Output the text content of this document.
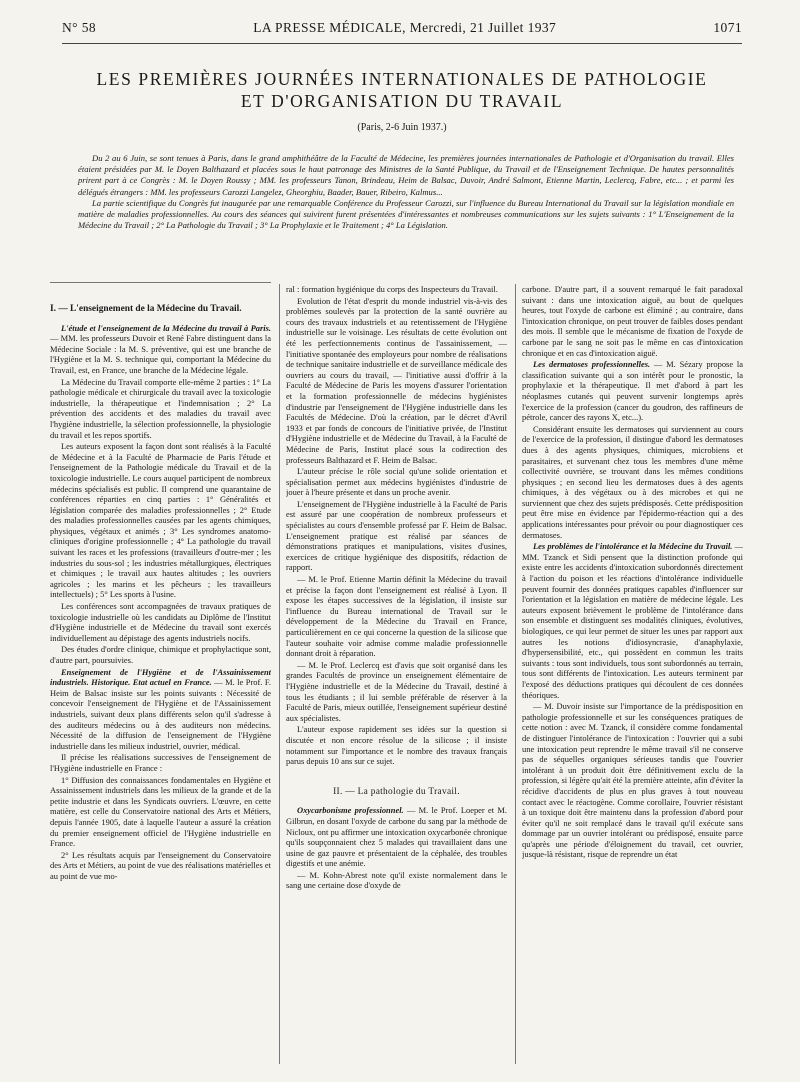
N° 58	LA PRESSE MÉDICALE, Mercredi, 21 Juillet 1937	1071
LES PREMIÈRES JOURNÉES INTERNATIONALES DE PATHOLOGIE
ET D'ORGANISATION DU TRAVAIL
(Paris, 2-6 Juin 1937.)

Du 2 au 6 Juin, se sont tenues à Paris, dans le grand amphithéâtre de la Faculté de Médecine, les premières journées internationales de Pathologie et d'Organisation du travail. Elles étaient présidées par M. le Doyen Balthazard et placées sous le haut patronage des Ministres de la Santé Publique, du Travail et de l'Enseignement Technique. De hautes personnalités prirent part à ce Congrès : M. le Doyen Roussy ; MM. les professeurs Tanon, Brindeau, Heim de Balsac, Duvoir, André Salmont, Etienne Martin, Leclercq, Fabre, etc... ; et parmi les délégués étrangers : MM. les professeurs Carozzi Langelez, Gheorghiu, Baader, Bauer, Ribeiro, Kalmus...

La partie scientifique du Congrès fut inaugurée par une remarquable Conférence du Professeur Carozzi, sur l'influence du Bureau International du Travail sur la législation mondiale en matière de maladies professionnelles. Au cours des séances qui suivirent furent présentées d'intéressantes et nombreuses communications sur les sujets suivants : 1° L'Enseignement de la Médecine du Travail ; 2° La Pathologie du Travail ; 3° La Prophylaxie et le Traitement ; 4° La Législation.

I. — L'enseignement de la Médecine du Travail.

L'étude et l'enseignement de la Médecine du travail à Paris. — MM. les professeurs Duvoir et René Fabre distinguent dans la Médecine Sociale : la M. S. préventive, qui est une branche de l'Hygiène et la M. S. technique qui, comportant la Médecine du Travail, est, en France, une branche de la Médecine légale.

La Médecine du Travail comporte elle-même 2 parties : 1° La pathologie médicale et chirurgicale du travail avec la toxicologie industrielle, la thérapeutique et l'indemnisation ; 2° La prévention des accidents et des maladies du travail avec l'hygiène industrielle, la sélection professionnelle, la physiologie du travail et les repos sportifs.

Les auteurs exposent la façon dont sont réalisés à la Faculté de Médecine et à la Faculté de Pharmacie de Paris l'étude et l'enseignement de la Pathologie médicale du Travail et de la toxicologie industrielle. Le cours auquel participent de nombreux médecins spécialisés est public. Il comprend une quarantaine de conférences réparties en cinq parties : 1° Généralités et législation comparée des maladies professionnelles ; 2° Etude des maladies professionnelles causées par les agents chimiques, physiques, végétaux et animés ; 3° Les syndromes anatomo-cliniques d'origine professionnelle ; 4° La pathologie du travail suivant les races et les professions (travailleurs d'outre-mer ; les industries du sous-sol ; les industries métallurgiques, électriques et chimiques ; le travail aux hautes altitudes ; les ouvriers agricoles ; les marins et les pêcheurs ; les travailleurs intellectuels) ; 5° Les sports à l'usine.

Les conférences sont accompagnées de travaux pratiques de toxicologie industrielle où les candidats au Diplôme de l'Institut d'Hygiène industrielle et de Médecine du travail sont exercés individuellement au dépistage des agents industriels nocifs.

Des études d'ordre clinique, chimique et prophylactique sont, d'autre part, poursuivies.

Enseignement de l'Hygiène et de l'Assainissement industriels. Historique. Etat actuel en France. — M. le Prof. F. Heim de Balsac insiste sur les points suivants : Nécessité de concevoir l'enseignement de l'Hygiène et de l'Assainissement industriels, suivant deux plans différents selon qu'il s'adresse à des auditeurs médecins ou à des auditeurs non médecins. Nécessité de la diffusion de l'enseignement de l'Hygiène industrielle dans les milieux industriel, ouvrier, médical.

Il précise les réalisations successives de l'enseignement de l'Hygiène industrielle en France :

1° Diffusion des connaissances fondamentales en Hygiène et Assainissement industriels dans les milieux de la grande et de la petite industrie et dans les Syndicats ouvriers. L'œuvre, en cette matière, est celle du Conservatoire national des Arts et Métiers, depuis l'année 1905, date à laquelle l'auteur a assuré la création du premier enseignement officiel de l'Hygiène industrielle en France.

2° Les résultats acquis par l'enseignement du Conservatoire des Arts et Métiers, au point de vue des réalisations matérielles et au point de vue mo-

ral : formation hygiénique du corps des Inspecteurs du Travail.

Evolution de l'état d'esprit du monde industriel vis-à-vis des problèmes soulevés par la protection de la santé ouvrière au cours des travaux industriels et au retentissement de l'Hygiène industrielle sur le voisinage. Les résultats de cette évolution ont été les perfectionnements continus de l'assainissement, — l'initiative spontanée des employeurs pour nombre de réalisations de technique sanitaire industrielle et de surveillance médicale des ouvriers au cours du travail, — l'initiative aussi d'offrir à la Faculté de Médecine de Paris les moyens d'assurer l'orientation et la formation professionnelle de médecins hygiénistes d'industrie par l'enseignement de l'Hygiène industrielle dans les Facultés de Médecine. D'où la création, par le décret d'Avril 1933 et par fonds de concours de l'initiative privée, de l'Institut d'Hygiène industrielle et de Médecine du Travail, à la Faculté de Médecine de Paris, Institut placé sous la codirection des professeurs Balthazard et F. Heim de Balsac.

L'auteur précise le rôle social qu'une solide orientation et spécialisation permet aux médecins hygiénistes d'industrie de jouer à l'heure présente et dans un proche avenir.

L'enseignement de l'Hygiène industrielle à la Faculté de Paris est assuré par une coopération de nombreux professeurs et spécialistes au cours d'ensemble professé par F. Heim de Balsac. L'enseignement pratique est réalisé par séances de démonstrations pratiques et manipulations, visites d'usines, exercices de critique hygiénique des dispositifs, rédaction de rapport.

— M. le Prof. Etienne Martin définit la Médecine du travail et précise la façon dont l'enseignement est réalisé à Lyon. Il expose les étapes successives de la législation, il insiste sur l'influence du Bureau international de Travail sur le développement de la Médecine du Travail en France, particulièrement en ce qui concerne la question de la silicose que l'auteur souhaite voir admise comme maladie professionnelle donnant droit à réparation.

— M. le Prof. Leclercq est d'avis que soit organisé dans les grandes Facultés de province un enseignement élémentaire de l'Hygiène industrielle et de la Médecine du Travail, destiné à tous les étudiants ; il lui semble préférable de réserver à la Faculté de Paris, mieux outillée, l'enseignement supérieur destiné aux spécialistes.

L'auteur expose rapidement ses idées sur la question si discutée et non encore résolue de la silicose ; il insiste notamment sur l'importance et le nombre des travaux français parus depuis 10 ans sur ce sujet.

II. — La pathologie du Travail.

Oxycarbonisme professionnel. — M. le Prof. Loeper et M. Gilbrun, en dosant l'oxyde de carbone du sang par la méthode de Nicloux, ont pu affirmer une intoxication oxycarbonée chronique qu'ils soupçonnaient chez 5 malades qui travaillaient dans une usine de gaz pauvre et présentaient de la céphalée, des troubles digestifs et une anémie.

— M. Kohn-Abrest note qu'il existe normalement dans le sang une certaine dose d'oxyde de

carbone. D'autre part, il a souvent remarqué le fait paradoxal suivant : dans une intoxication aiguë, au bout de quelques heures, tout l'oxyde de carbone est éliminé ; au contraire, dans l'intoxication chronique, on peut trouver de faibles doses pendant des mois. Il semble que le mécanisme de fixation de l'oxyde de carbone par le sang ne soit pas le même en cas d'intoxication chronique et en cas d'intoxication aiguë.

Les dermatoses professionnelles. — M. Sézary propose la classification suivante qui a son intérêt pour le pronostic, la prophylaxie et la thérapeutique. Il met d'abord à part les néoplasmes cutanés qui peuvent survenir longtemps après l'exercice de la profession (cancer du goudron, des raffineurs de pétrole, cancer des rayons X, etc...).

Considérant ensuite les dermatoses qui surviennent au cours de l'exercice de la profession, il distingue d'abord les dermatoses dues à des agents physiques, chimiques, microbiens et parasitaires, et survenant chez tous les membres d'une même collectivité ouvrière, se trouvant dans les mêmes conditions physiques ; en second lieu les dermatoses dues à des agents chimiques, à des végétaux ou à des microbes et qui ne surviennent que chez des sujets prédisposés. Cette prédisposition peut être mise en évidence par l'épidermo-réaction qui a des applications intéressantes pour prévoir ou pour diagnostiquer ces dermatoses.

Les problèmes de l'intolérance et la Médecine du Travail. — MM. Tzanck et Sidi pensent que la distinction profonde qui existe entre les accidents d'intoxication subordonnés directement à l'action du poison et les réactions d'intolérance individuelle peuvent fournir des données pratiques capables d'influencer sur l'orientation et la législation en matière de médecine légale. Les auteurs exposent brièvement le problème de l'intolérance dans son ensemble et distinguent ses modalités cliniques, évolutives, biologiques, ce qui leur permet de situer les unes par rapport aux autres les notions d'idiosyncrasie, d'anaphylaxie, d'hypersensibilité, etc., qui possèdent en commun les traits suivants : tous sont individuels, tous sont subordonnés au terrain, tous sont différents de l'intoxication. Les auteurs terminent par l'exposé des déductions pratiques qui découlent de ces données théoriques.

— M. Duvoir insiste sur l'importance de la prédisposition en pathologie professionnelle et sur les conséquences pratiques de cette notion : avec M. Tzanck, il considère comme fondamental de distinguer l'intolérance de l'intoxication : l'ouvrier qui a subi une intoxication peut reprendre le même travail s'il ne conserve pas de séquelles organiques sérieuses tandis que l'ouvrier intolérant à un produit doit être définitivement exclu de la profession, si légère qu'ait été la première atteinte, afin d'éviter la récidive d'accidents de plus en plus graves à tout nouveau contact avec le réactogène. Comme corollaire, l'ouvrier résistant à un toxique doit être maintenu dans la profession d'abord pour éviter qu'il ne soit remplacé dans le travail qu'il exécute sans dommage par un ouvrier intolérant ou prédisposé, ensuite parce qu'après une période d'éloignement du travail, cet ouvrier, jusque-là résistant, risque de reprendre un état
